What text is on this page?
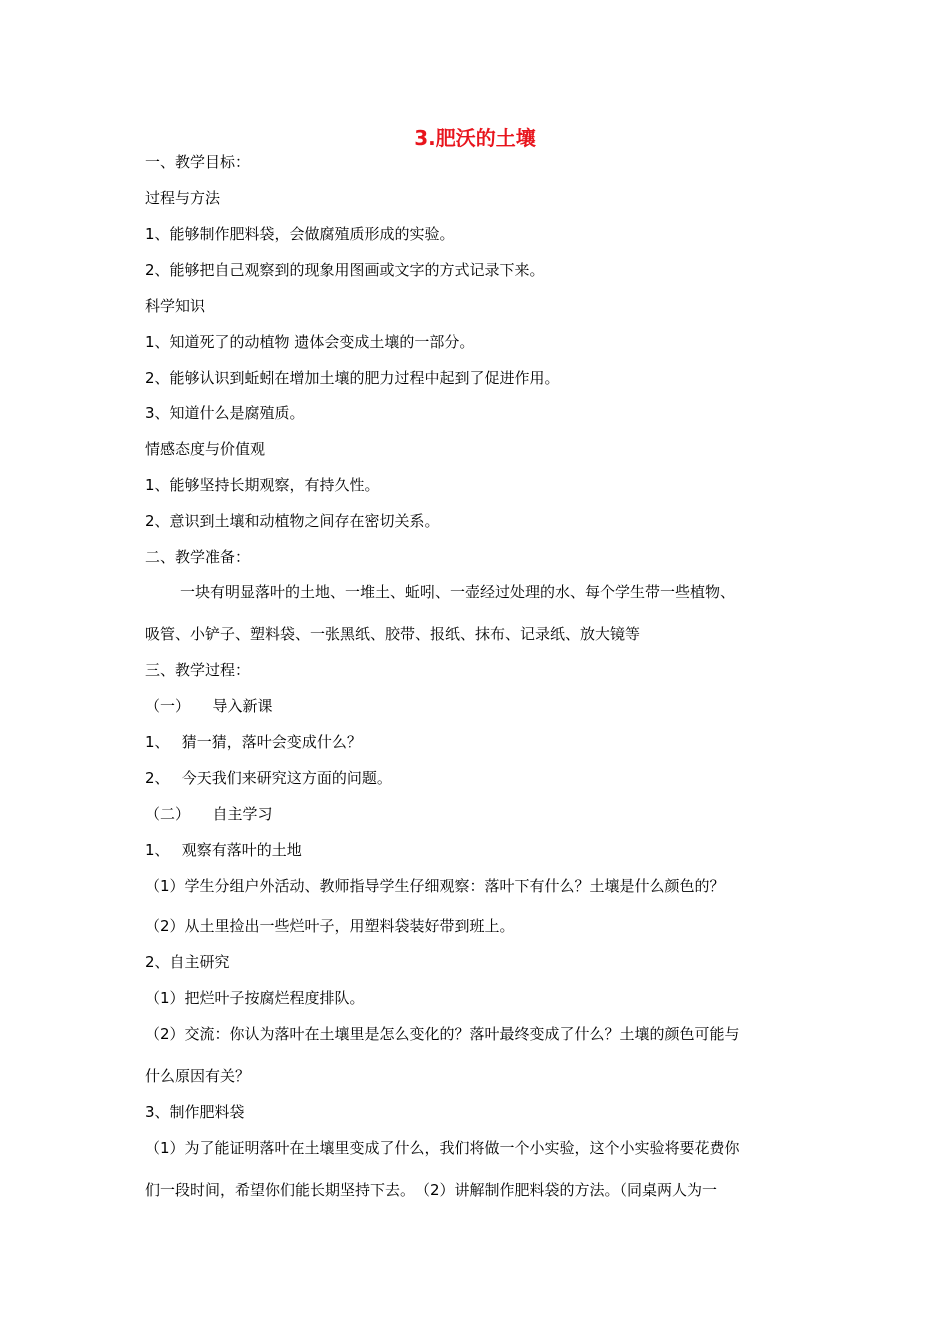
3.肥沃的土壤
一、教学目标：
过程与方法
1、能够制作肥料袋，会做腐殖质形成的实验。
2、能够把自己观察到的现象用图画或文字的方式记录下来。
科学知识
1、知道死了的动植物 遗体会变成土壤的一部分。
2、能够认识到蚯蚓在增加土壤的肥力过程中起到了促进作用。
3、知道什么是腐殖质。
情感态度与价值观
1、能够坚持长期观察，有持久性。
2、意识到土壤和动植物之间存在密切关系。
二、教学准备：
一块有明显落叶的土地、一堆土、蚯吲、一壶经过处理的水、每个学生带一些植物、
吸管、小铲子、塑料袋、一张黑纸、胶带、报纸、抹布、记录纸、放大镜等
三、教学过程：
（一）　　导入新课
1、　 猜一猜，落叶会变成什么？
2、　 今天我们来研究这方面的问题。
（二）　　自主学习
1、　 观察有落叶的土地
（1）学生分组户外活动、教师指导学生仔细观察：落叶下有什么？土壤是什么颜色的？
（2）从土里捡出一些烂叶子，用塑料袋装好带到班上。
2、自主研究
（1）把烂叶子按腐烂程度排队。
（2）交流：你认为落叶在土壤里是怎么变化的？落叶最终变成了什么？土壤的颜色可能与
什么原因有关？
3、制作肥料袋
（1）为了能证明落叶在土壤里变成了什么，我们将做一个小实验，这个小实验将要花费你
们一段时间，希望你们能长期坚持下去。　（2）讲解制作肥料袋的方法。（同桌两人为一
